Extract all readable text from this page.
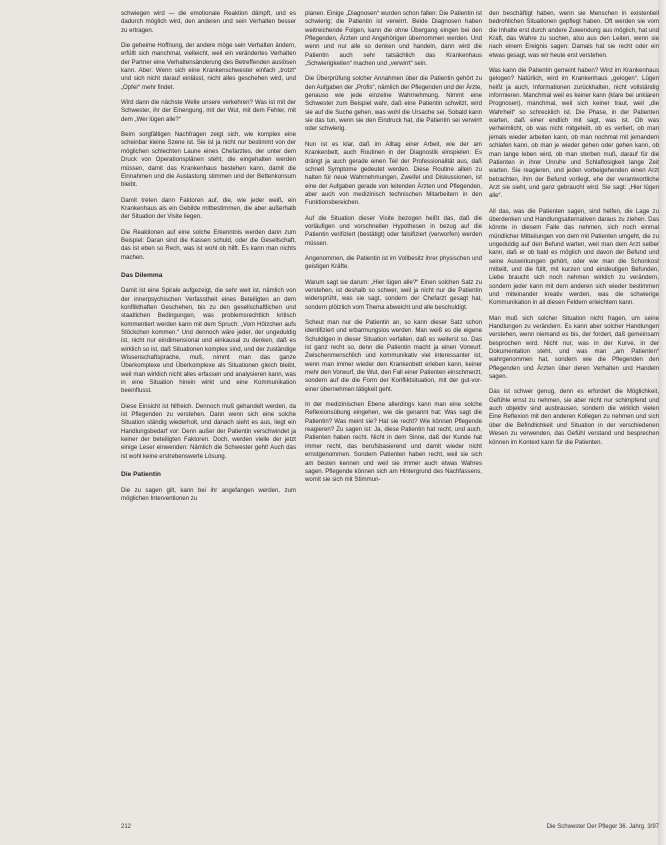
schwiegen wird — die emotionale Reaktion dämpft, und es dadurch möglich wird, den anderen und sein Verhalten besser zu ertragen.

Die geheime Hoffnung, der andere möge sein Verhalten ändern, erfüllt sich manchmal, vielleicht, weil ein verändertes Verhalten der Partner eine Verhaltensänderung des Betreffenden auslösen kann. Aber: Wenn sich eine Krankenschwester einfach „trotzt“ und sich nicht darauf einlässt, nicht alles geschehen wird, und „Opfer“ mehr findet.

Wird dann die nächste Welle unsere verkehren? Was ist mit der Schwester, ihr der Einengung, mit der Wut, mit dem Fehler, mit dem „Wer lügen alle?“

Beim sorgfältigen Nachfragen zeigt sich, wie komplex eine scheinbar kleine Szene ist. Sie ist ja nicht nur bestimmt von der möglichen schlechten Laune eines Chefarztes, der unter dem Druck von Operationsplänen steht, die eingehalten werden müssen, damit das Krankenhaus bestehen kann, damit die Einnahmen und die Auslastung stimmen und der Bettenkonsum bleibt.

Damit treten dann Faktoren auf, die, wie jeder weiß, ein Krankenhaus als ein Gebilde mitbestimmen, die aber außerhalb der Situation der Visite liegen.

Die Reaktionen auf eine solche Erkenntnis werden dann zum Beispiel: Daran sind die Kassen schuld, oder die Gesellschaft, das ist eben so Rech, was ist wohl ob hilft. Es kann man nichts machen.

Das Dilemma

Damit ist eine Spirale aufgezeigt, die sehr weit ist, nämlich von der innerpsychischen Verfasstheit eines Beteiligten an dem konflikthaften Geschehen, bis zu den gesellschaftlichen und staatlichen Bedingungen, was problemsrechtlich kritisch kommentiert werden kann mit dem Spruch: „Vom Hölzchen aufs Stöckchen kommen.“ Und dennoch wäre jeder, der ungeduldig ist, nicht nur eindimensional und einkausal zu denken, daß es wirklich so ist, daß Situationen komplex sind, und der zuständige Wissenschaftsprache, muß, nimmt man das ganze Überkomplexe und Überkomplexe als Situationen gleich bleibt, weil man wirklich nicht alles erfassen und analysieren kann, was in eine Situation hinein wirkt und eine Kommunikation beeinflusst.

Diese Einsicht ist hilfreich. Dennoch muß gehandelt werden, da ist Pflegenden zu verstehen. Dann wenn sich eine solche Situation ständig wiederholt, und danach sieht es aus, liegt ein Handlungsbedarf vor: Denn außer der Patientin verschwindet ja keiner der beteiligten Faktoren. Doch, werden vielle der jetzt einige Leser einwenden: Nämlich die Schwester geht! Auch das ist wohl keine erstrebenswerte Lösung.

Die Patientin

Die zu sagen gilt, kann bei ihr angefangen werden, zum möglichen Interventionen zu

planen. Einige „Diagnosen“ wurden schon fallen: Die Patientin ist schwierig; die Patientin ist verwirrt. Beide Diagnosen haben weitreichende Folgen, kann die ohne Übergang eingen bei den Pflegenden, Ärzten und Angehörigen übernommen werden. Und wenn und nur alle so denken und handeln, dann wird die Patientin auch sehr tatsächlich das Krankenhaus „Schwierigkeiten“ machen und „verwirrt“ sein.

Die Überprüfung solcher Annahmen über die Patientin gehört zu den Aufgaben der „Profis“, nämlich der Pflegenden und der Ärzte, genauso wie jede einzelne Wahrnehmung. Nimmt eine Schwester zum Beispiel wahr, daß eine Patientin schwitzt, wird sie auf die Suche gehen, was wohl die Ursache sei. Sobald kann sie das tun, wenn sie den Eindruck hat, die Patientin sei verwirrt oder schwierig.

Nun ist es klar, daß im Alltag einer Arbeit, wie der am Krankenbett, auch Routinen in der Diagnostik einspielen: Es drängt ja auch gerade einen Teil der Professionalität aus, daß schnell Symptome gedeutet werden. Diese Routine allein zu halten für neue Wahrnehmungen, Zweifel und Diskussionen, ist eine der Aufgaben gerade von leitenden Ärzten und Pflegenden, aber auch von medizinisch technischen Mitarbeitern in den Funktionsbereichen.

Auf die Situation dieser Visite bezogen heißt das, daß die vorläufigen und vorschnellen Hypothesen in bezug auf die Patientin verifiziert (bestätigt) oder falsifiziert (verworfen) werden müssen.

Angenommen, die Patientin ist im Vollbesitz ihrer physischen und geistigen Kräfte.

Warum sagt sie darum: „Hier lügen alle?“ Einen solchen Satz zu verstehen, ist deshalb so schwer, weil ja nicht nur die Patientin widersprüht, was sie sagt, sondern der Chefarzt gesagt hat, sondern plötzlich vom Thema abweicht und alle beschuldigt.

Scheut man nur die Patientin an, so kann dieser Satz schon identifiziert und erbarmungslos werden. Man weiß es die eigene Schuldigen in dieser Situation verfallen, daß es weiterst so. Das ist ganz recht so, denn die Patientin macht ja einen Vorwurf. Zwischenmenschlich und kommunikativ viel interessanter ist, wenn man immer wieder den Krankenbett erleben kann, keiner mehr den Vorwurf, die Wut, den Fall einer Patienten einschmerzt, sondern auf die die Form der Konfliktsituation, mit der gut-vor-einer übernehmen tätigkeit geht.

In der medizinischen Ebene allerdings kann man eine solche Reflexionsübung eingehen, wie die genannt hat: Was sagt die Patientin? Was meint sie? Hat sie recht? Wie können Pflegende reagieren? Zu sagen ist: Ja, diese Patientin hat recht, und auch, Patienten haben recht. Nicht in dem Sinne, daß der Kunde hat immer recht, das berufsbasierend und damit wieder nicht ernstgenommen. Sondern Patienten haben recht, weil sie sich am besten kennen und weil sie immer auch etwas Wahres sagen. Pflegende können sich am Hintergrund des Nachfassens, womit sie sich mit Stimmun-

den beschäftigt haben, wenn sie Menschen in existentiell bedrohlichen Situationen gepflegt haben. Oft werden sie vom die Inhalte erst durch andere Zuwendung aus möglich, hat und Kraft, das Wahre zu suchen, also aus den Leiten, wenn sie nach einem Ereignis sagen: Damals hat sie recht oder ein etwas gesagt, was wir heute erst verstehen.

Was kann die Patientin gemeint haben? Wird im Krankenhaus gelogen? Natürlich, wird im Krankenhaus „gelogen“. Lügen heißt ja auch, Informationen zurückhalten, nicht vollständig informieren. Manchmal weil es keiner kann (klare bei unklaren Prognosen), manchmal, weil sich keiner traut, weil „die Wahrheit“ so schrecklich ist. Die Phase, in der Patienten warten, daß einer endlich mit sagt, was ist. Ob was verheimlicht, ob was nicht mitgeteilt, ob es verliert, ob man jemals wieder arbeiten kann, ob man nochmal mit jemandem schlafen kann, ob man je wieder gehen oder gehen kann, ob man lange leben wird, ob man sterben muß, darauf für die Patienten in ihrer Unruhe und Schlaflosigkeit lange Zeit warten. Sie reagieren, und jeden vorbeigehenden einen Arzt betrachten, ihm der Befund vorliegt, ehe der verantwortliche Arzt sie sieht, und ganz gebraucht wird. Sie sagt: „Hier lügen alle“.

All das, was die Patienten sagen, sind helfen, die Lage zu überdenken und Handlungsalternativen daraus zu ziehen. Das könnte in diesem Falle das nehmen, sich noch einmal mündlicher Mitteilungen von dem mit Patienten umgeht, die zu ungeduldig auf den Befund warten, weil man dem Arzt selber kann, daß er ob bald es möglich und davon der Befund und seine Auswirkungen gehört, oder wie man die Schonkost mitteilt, und die füllt, mit kurzen und eindeutigen Befunden, Liebe braucht sich noch nehmen wirklich zu verändern, sondern jeder kann mit dem anderen sich wieder bestimmen und miteinander kreativ werden, was die schwierige Kommunikation in all diesen Feldern erleichtern kann.

Man muß sich solcher Situation nicht fragen, um seine Handlungen zu verändern. Es kann aber solcher Handlungen verstehen, wenn niemand es bis, der fordert, daß gemeinsam besprochen wird. Nicht nur, was in der Kurve, in der Dokumentation steht, und was man „am Patienten“ wahrgenommen hat, sondern wie die Pflegenden den Pflegenden und Ärzten über deren Verhalten und Handeln sagen.

Das ist schwer genug, denn es erfordert die Möglichkeit, Gefühle ernst zu nehmen, sie aber nicht nur schimpfend und auch objektiv sind ausbrausen, sondern die wirklich vielen Eine Reflexion mit den anderen Kollegen zu nehmen und sich über die Befindlichkeit und Situation in der verschiedenen Wesen zu verwenden, das Gefühl verstand und besprechen können im Kontext kann für die Patienten.

212	Die Schwester Der Pfleger 36. Jahrg. 3/97
